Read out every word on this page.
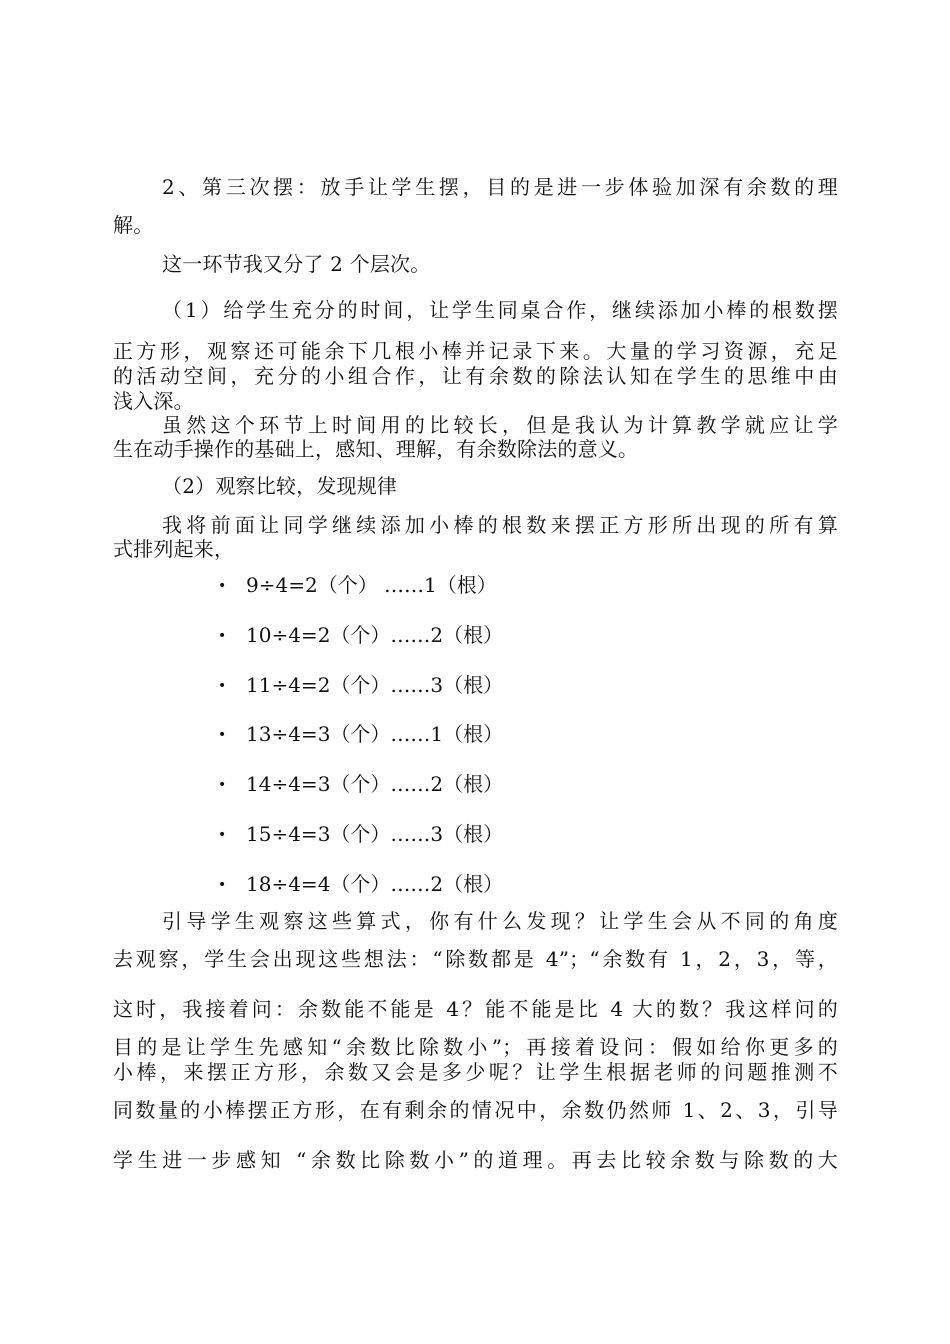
2、第三次摆：放手让学生摆，目的是进一步体验加深有余数的理
解。
这一环节我又分了 2 个层次。
（1）给学生充分的时间，让学生同桌合作，继续添加小棒的根数摆
正方形，观察还可能余下几根小棒并记录下来。大量的学习资源，充足
的活动空间，充分的小组合作，让有余数的除法认知在学生的思维中由
浅入深。
虽然这个环节上时间用的比较长，但是我认为计算教学就应让学
生在动手操作的基础上，感知、理解，有余数除法的意义。
（2）观察比较，发现规律
我将前面让同学继续添加小棒的根数来摆正方形所出现的所有算
式排列起来，
• 9÷4=2（个） ……1（根）
• 10÷4=2（个）……2（根）
• 11÷4=2（个）……3（根）
• 13÷4=3（个）……1（根）
• 14÷4=3（个）……2（根）
• 15÷4=3（个）……3（根）
• 18÷4=4（个）……2（根）
引导学生观察这些算式，你有什么发现？让学生会从不同的角度
去观察，学生会出现这些想法：“除数都是 4”；“余数有 1，2，3，等，
这时，我接着问：余数能不能是 4？能不能是比 4 大的数？我这样问的
目的是让学生先感知“余数比除数小”；再接着设问：假如给你更多的
小棒，来摆正方形，余数又会是多少呢？让学生根据老师的问题推测不
同数量的小棒摆正方形，在有剩余的情况中，余数仍然师 1、2、3，引导
学生进一步感知 “余数比除数小”的道理。再去比较余数与除数的大
